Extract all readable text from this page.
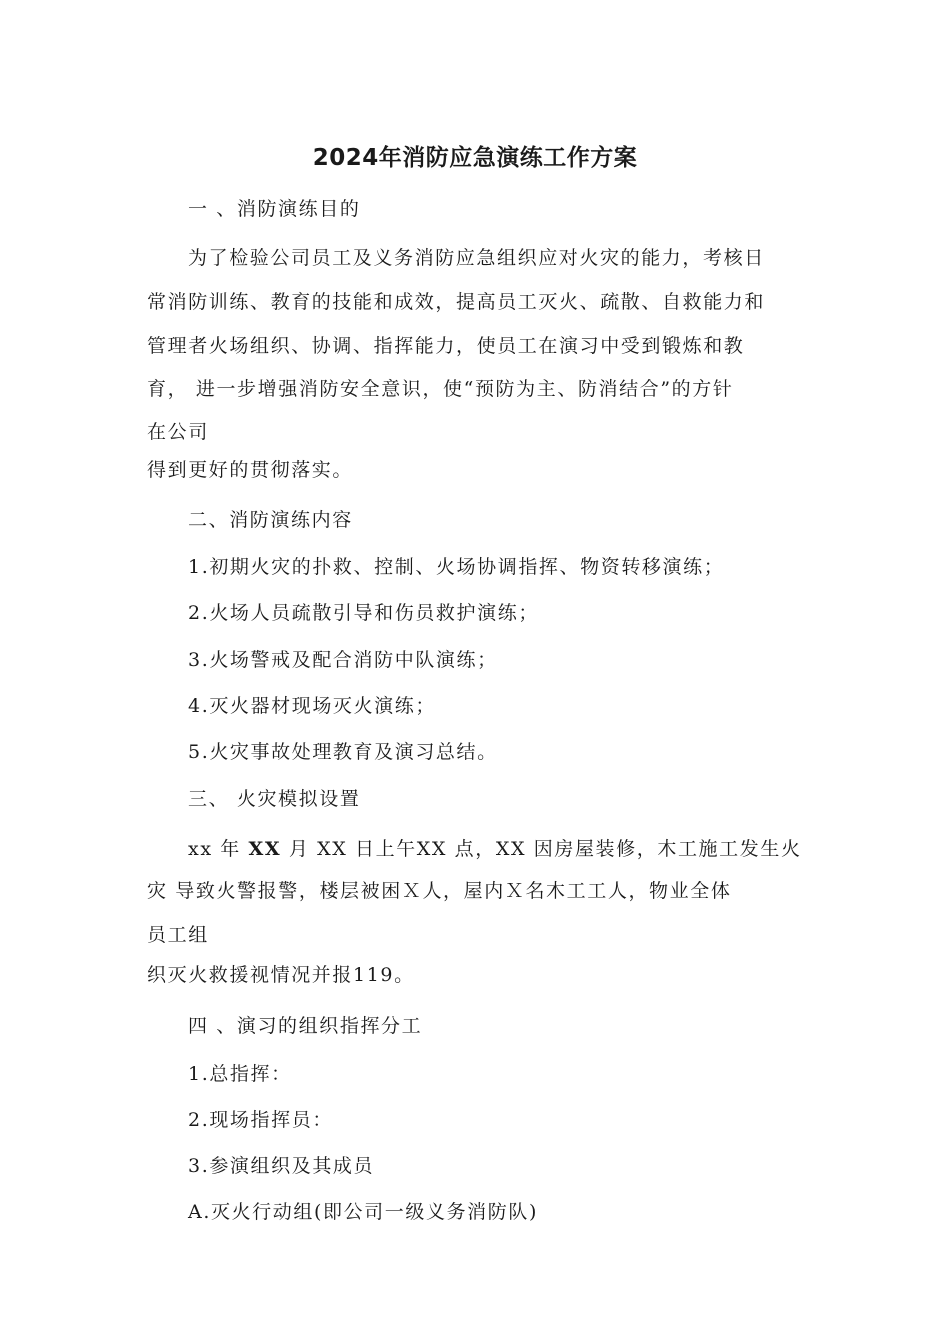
2024年消防应急演练工作方案
一 、消防演练目的
为了检验公司员工及义务消防应急组织应对火灾的能力，考核日
常消防训练、教育的技能和成效，提高员工灭火、疏散、自救能力和
管理者火场组织、协调、指挥能力，使员工在演习中受到锻炼和教
育， 进一步增强消防安全意识，使“预防为主、防消结合”的方针
在公司
得到更好的贯彻落实。
二、消防演练内容
1.初期火灾的扑救、控制、火场协调指挥、物资转移演练；
2.火场人员疏散引导和伤员救护演练；
3.火场警戒及配合消防中队演练；
4.灭火器材现场灭火演练；
5.火灾事故处理教育及演习总结。
三、 火灾模拟设置
xx 年 XX 月 XX 日上午XX 点，XX 因房屋装修，木工施工发生火
灾 导致火警报警，楼层被困Ｘ人，屋内Ｘ名木工工人，物业全体
员工组
织灭火救援视情况并报119。
四 、演习的组织指挥分工
1.总指挥：
2.现场指挥员：
3.参演组织及其成员
A.灭火行动组(即公司一级义务消防队)
